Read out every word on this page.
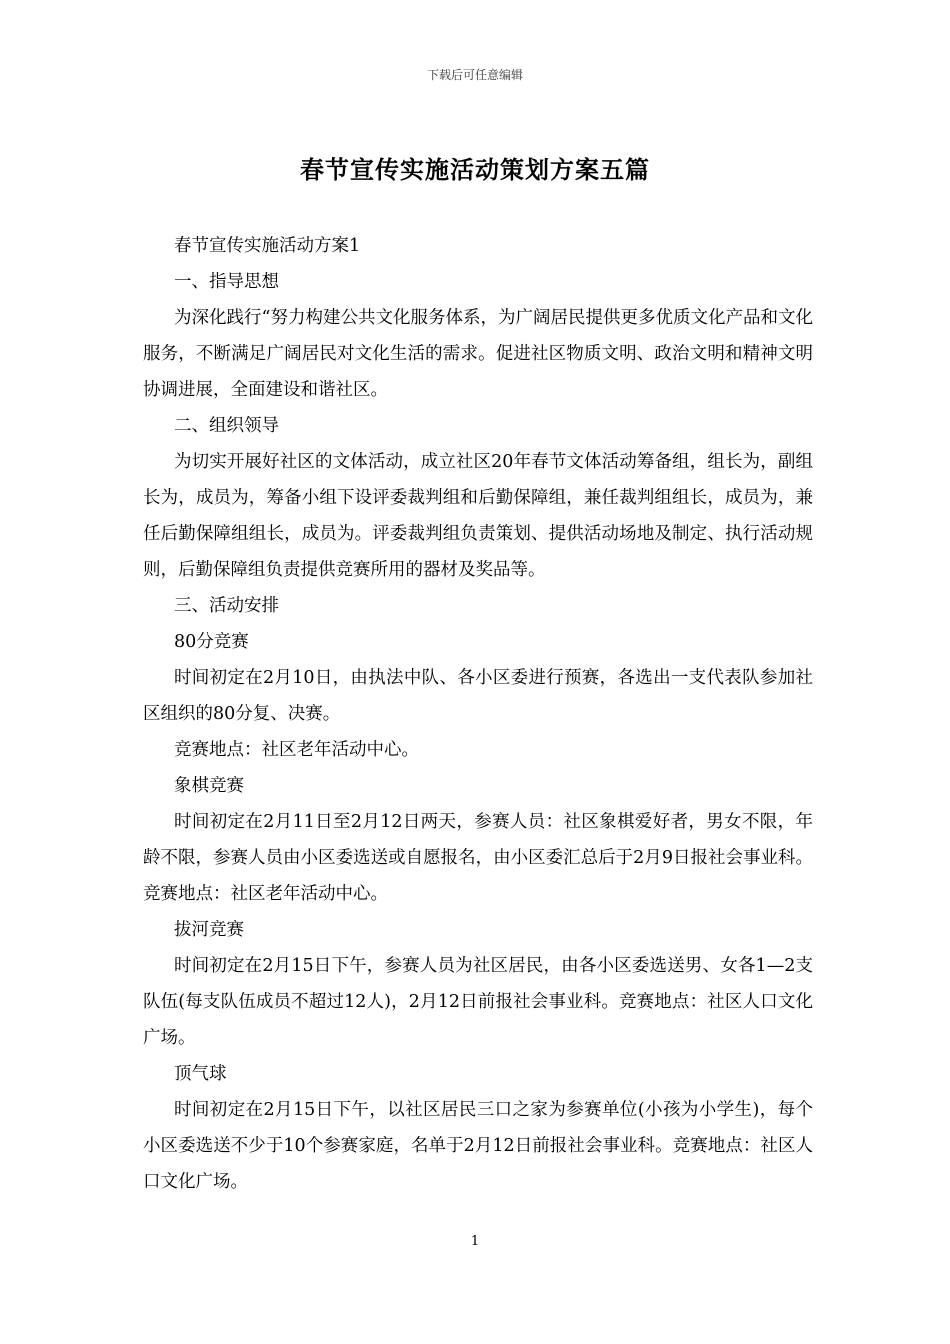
下载后可任意编辑
春节宣传实施活动策划方案五篇

春节宣传实施活动方案1

一、指导思想

为深化践行“努力构建公共文化服务体系，为广阔居民提供更多优质文化产品和文化服务，不断满足广阔居民对文化生活的需求。促进社区物质文明、政治文明和精神文明协调进展，全面建设和谐社区。

二、组织领导

为切实开展好社区的文体活动，成立社区20年春节文体活动筹备组，组长为，副组长为，成员为，筹备小组下设评委裁判组和后勤保障组，兼任裁判组组长，成员为，兼任后勤保障组组长，成员为。评委裁判组负责策划、提供活动场地及制定、执行活动规则，后勤保障组负责提供竞赛所用的器材及奖品等。

三、活动安排

80分竞赛

时间初定在2月10日，由执法中队、各小区委进行预赛，各选出一支代表队参加社区组织的80分复、决赛。

竞赛地点：社区老年活动中心。

象棋竞赛

时间初定在2月11日至2月12日两天，参赛人员：社区象棋爱好者，男女不限，年龄不限，参赛人员由小区委选送或自愿报名，由小区委汇总后于2月9日报社会事业科。竞赛地点：社区老年活动中心。

拔河竞赛

时间初定在2月15日下午，参赛人员为社区居民，由各小区委选送男、女各1—2支队伍(每支队伍成员不超过12人)，2月12日前报社会事业科。竞赛地点：社区人口文化广场。

顶气球

时间初定在2月15日下午，以社区居民三口之家为参赛单位(小孩为小学生)，每个小区委选送不少于10个参赛家庭，名单于2月12日前报社会事业科。竞赛地点：社区人口文化广场。

1
